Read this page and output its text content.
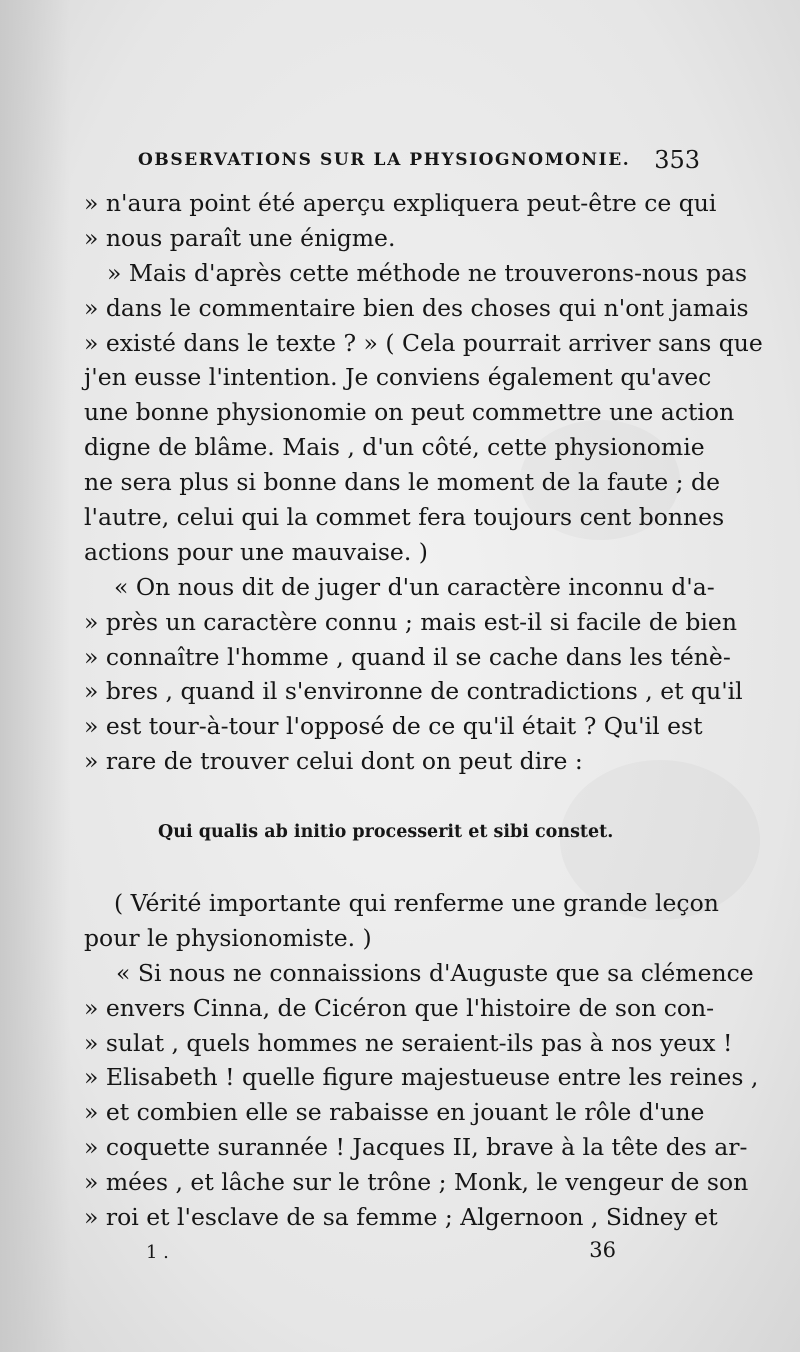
OBSERVATIONS SUR LA PHYSIOGNOMONIE. 353
» n'aura point été aperçu expliquera peut-être ce qui
» nous paraît une énigme.
» Mais d'après cette méthode ne trouverons-nous pas
» dans le commentaire bien des choses qui n'ont jamais
» existé dans le texte ? » ( Cela pourrait arriver sans que
j'en eusse l'intention. Je conviens également qu'avec
une bonne physionomie on peut commettre une action
digne de blâme. Mais , d'un côté, cette physionomie
ne sera plus si bonne dans le moment de la faute ; de
l'autre, celui qui la commet fera toujours cent bonnes
actions pour une mauvaise. )
« On nous dit de juger d'un caractère inconnu d'a-
» près un caractère connu ; mais est-il si facile de bien
» connaître l'homme , quand il se cache dans les ténè-
» bres , quand il s'environne de contradictions , et qu'il
» est tour-à-tour l'opposé de ce qu'il était ? Qu'il est
» rare de trouver celui dont on peut dire :
Qui qualis ab initio processerit et sibi constet.
( Vérité importante qui renferme une grande leçon
pour le physionomiste. )
« Si nous ne connaissions d'Auguste que sa clémence
» envers Cinna, de Cicéron que l'histoire de son con-
» sulat , quels hommes ne seraient-ils pas à nos yeux !
» Elisabeth ! quelle figure majestueuse entre les reines ,
» et combien elle se rabaisse en jouant le rôle d'une
» coquette surannée ! Jacques II, brave à la tête des ar-
» mées , et lâche sur le trône ; Monk, le vengeur de son
» roi et l'esclave de sa femme ; Algernoon , Sidney et
1 .	36
